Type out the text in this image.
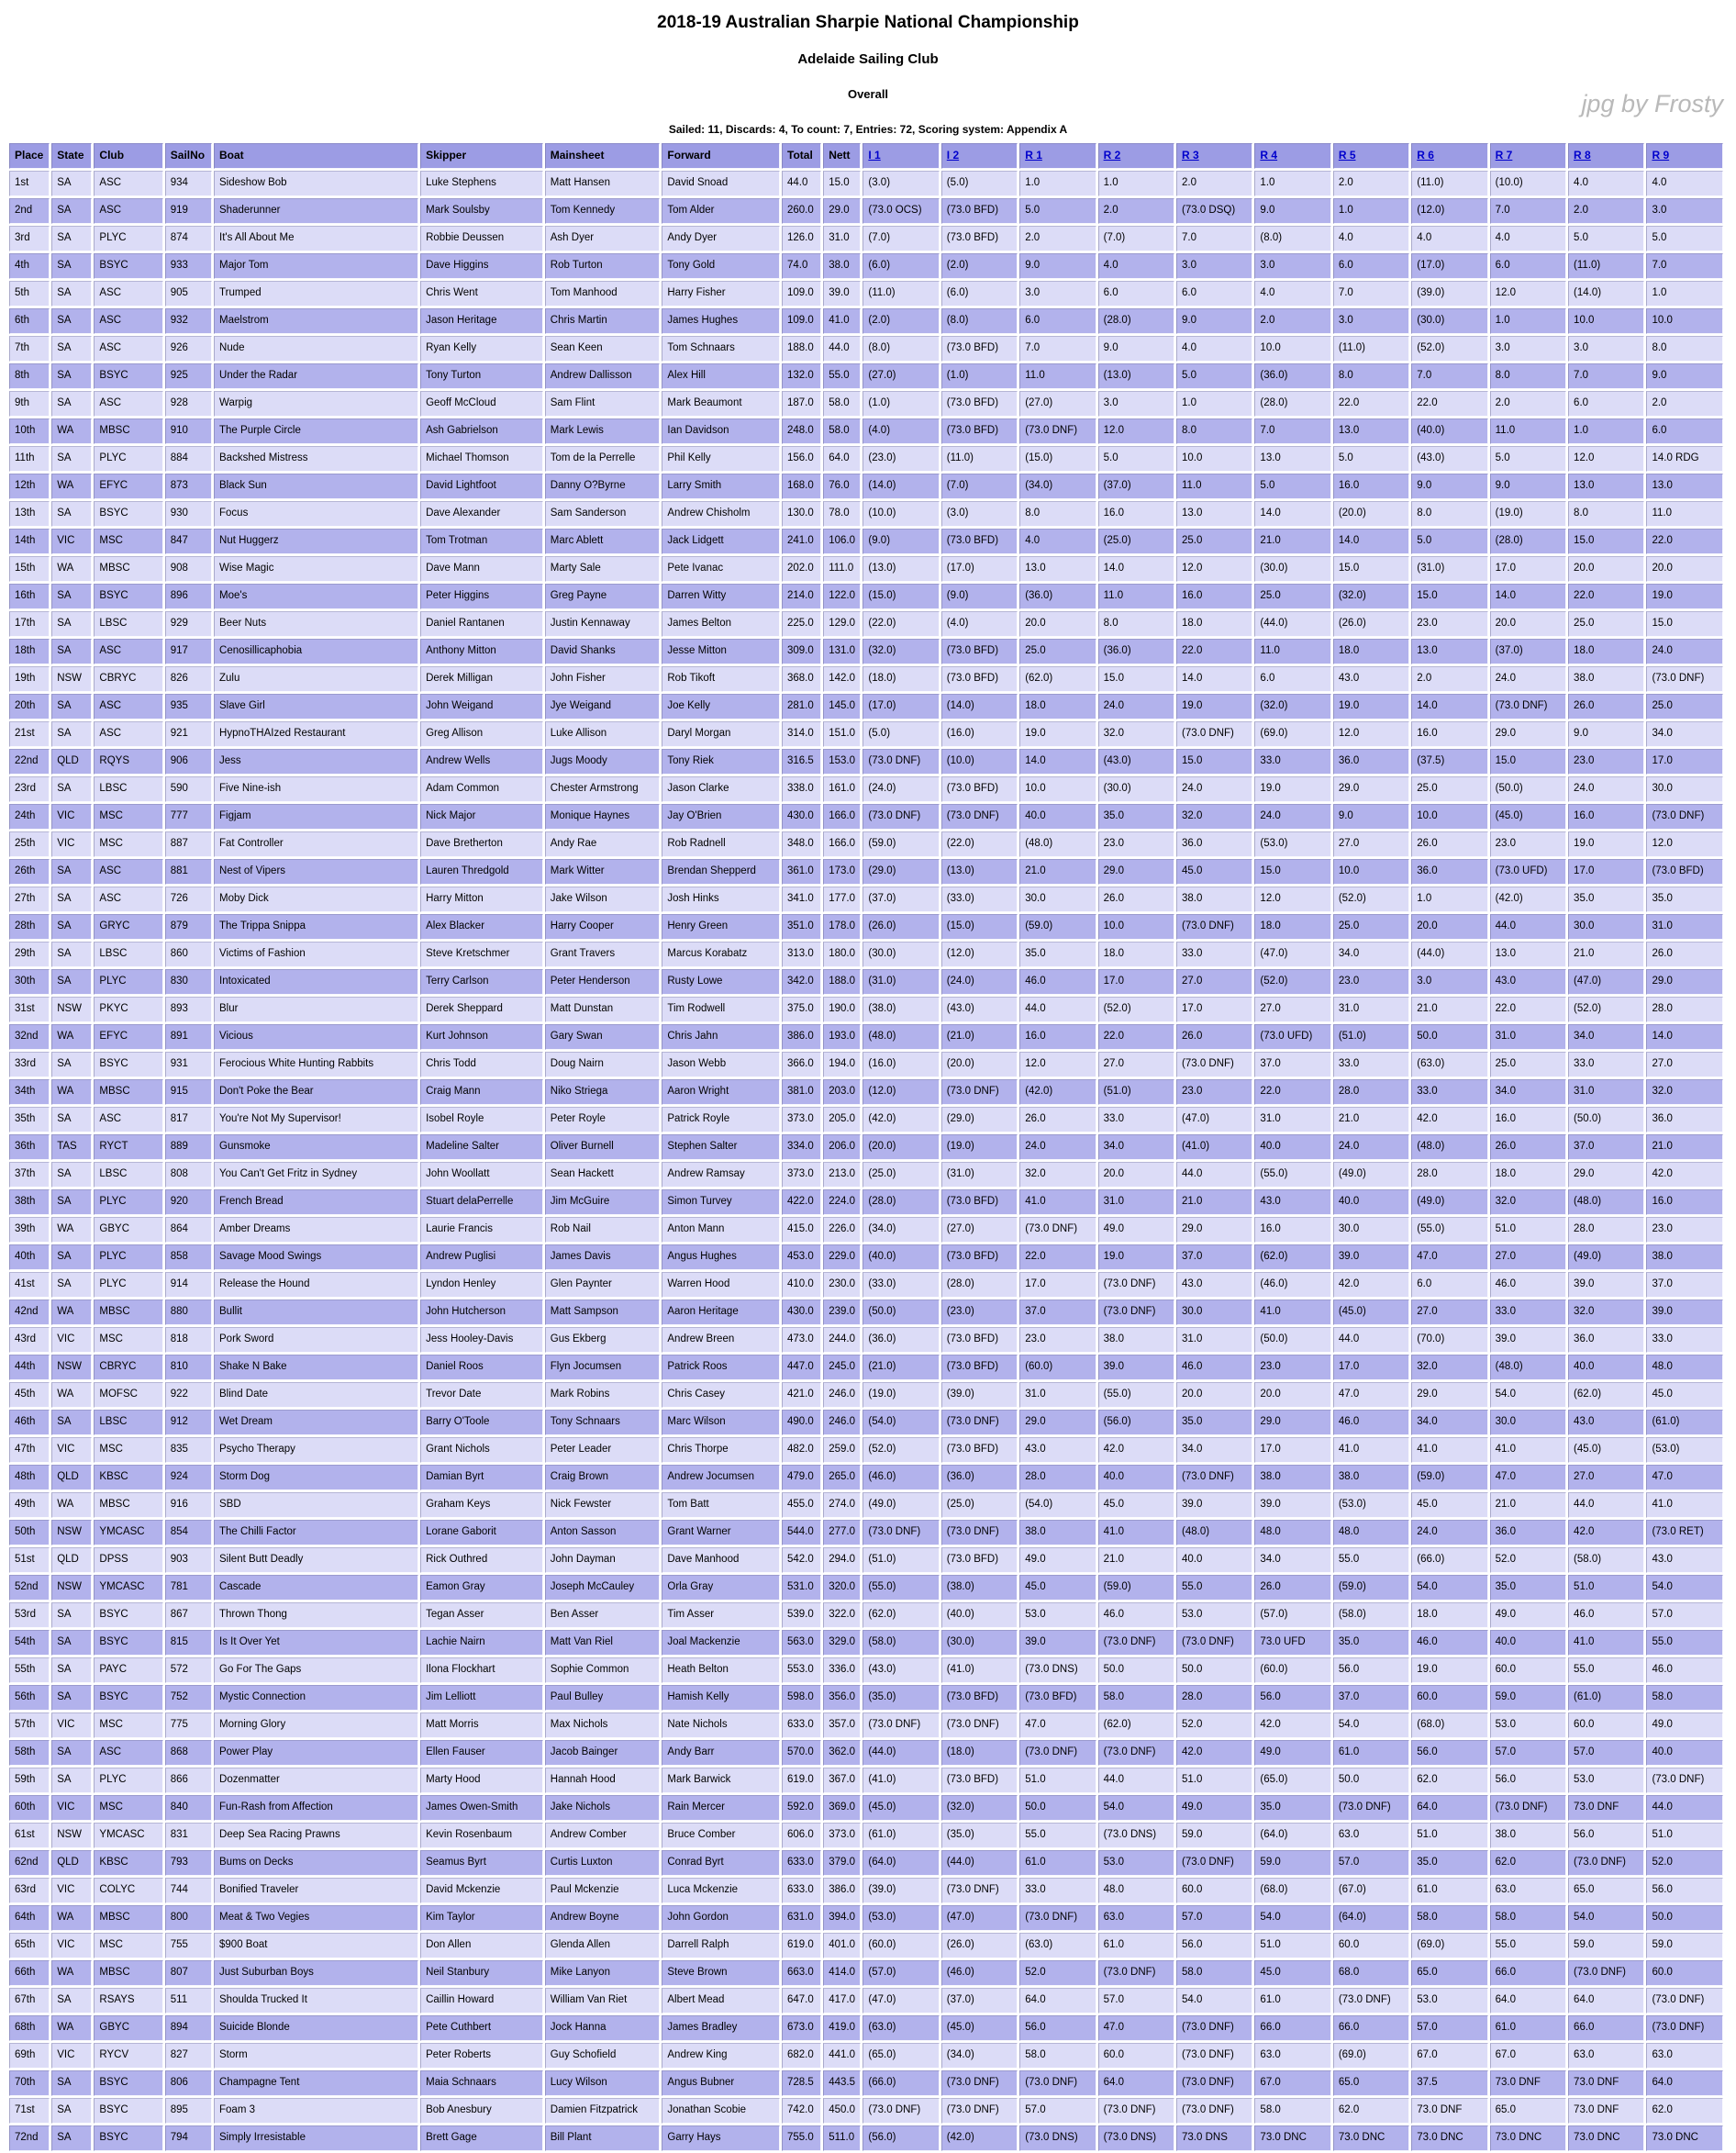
2018-19 Australian Sharpie National Championship
Adelaide Sailing Club
Overall
Sailed: 11, Discards: 4, To count: 7, Entries: 72, Scoring system: Appendix A
jpg by Frosty
Place	State	Club	SailNo	Boat	Skipper	Mainsheet	Forward	Total	Nett	I 1	I 2	R 1	R 2	R 3	R 4	R 5	R 6	R 7	R 8	R 9
1st	SA	ASC	934	Sideshow Bob	Luke Stephens	Matt Hansen	David Snoad	44.0	15.0	(3.0)	(5.0)	1.0	1.0	2.0	1.0	2.0	(11.0)	(10.0)	4.0	4.0
2nd	SA	ASC	919	Shaderunner	Mark Soulsby	Tom Kennedy	Tom Alder	260.0	29.0	(73.0 OCS)	(73.0 BFD)	5.0	2.0	(73.0 DSQ)	9.0	1.0	(12.0)	7.0	2.0	3.0
3rd	SA	PLYC	874	It's All About Me	Robbie Deussen	Ash Dyer	Andy Dyer	126.0	31.0	(7.0)	(73.0 BFD)	2.0	(7.0)	7.0	(8.0)	4.0	4.0	4.0	5.0	5.0
4th	SA	BSYC	933	Major Tom	Dave Higgins	Rob Turton	Tony Gold	74.0	38.0	(6.0)	(2.0)	9.0	4.0	3.0	3.0	6.0	(17.0)	6.0	(11.0)	7.0
5th	SA	ASC	905	Trumped	Chris Went	Tom Manhood	Harry Fisher	109.0	39.0	(11.0)	(6.0)	3.0	6.0	6.0	4.0	7.0	(39.0)	12.0	(14.0)	1.0
6th	SA	ASC	932	Maelstrom	Jason Heritage	Chris Martin	James Hughes	109.0	41.0	(2.0)	(8.0)	6.0	(28.0)	9.0	2.0	3.0	(30.0)	1.0	10.0	10.0
7th	SA	ASC	926	Nude	Ryan Kelly	Sean Keen	Tom Schnaars	188.0	44.0	(8.0)	(73.0 BFD)	7.0	9.0	4.0	10.0	(11.0)	(52.0)	3.0	3.0	8.0
8th	SA	BSYC	925	Under the Radar	Tony Turton	Andrew Dallisson	Alex Hill	132.0	55.0	(27.0)	(1.0)	11.0	(13.0)	5.0	(36.0)	8.0	7.0	8.0	7.0	9.0
9th	SA	ASC	928	Warpig	Geoff McCloud	Sam Flint	Mark Beaumont	187.0	58.0	(1.0)	(73.0 BFD)	(27.0)	3.0	1.0	(28.0)	22.0	22.0	2.0	6.0	2.0
10th	WA	MBSC	910	The Purple Circle	Ash Gabrielson	Mark Lewis	Ian Davidson	248.0	58.0	(4.0)	(73.0 BFD)	(73.0 DNF)	12.0	8.0	7.0	13.0	(40.0)	11.0	1.0	6.0
11th	SA	PLYC	884	Backshed Mistress	Michael Thomson	Tom de la Perrelle	Phil Kelly	156.0	64.0	(23.0)	(11.0)	(15.0)	5.0	10.0	13.0	5.0	(43.0)	5.0	12.0	14.0 RDG
12th	WA	EFYC	873	Black Sun	David Lightfoot	Danny O?Byrne	Larry Smith	168.0	76.0	(14.0)	(7.0)	(34.0)	(37.0)	11.0	5.0	16.0	9.0	9.0	13.0	13.0
13th	SA	BSYC	930	Focus	Dave Alexander	Sam Sanderson	Andrew Chisholm	130.0	78.0	(10.0)	(3.0)	8.0	16.0	13.0	14.0	(20.0)	8.0	(19.0)	8.0	11.0
14th	VIC	MSC	847	Nut Huggerz	Tom Trotman	Marc Ablett	Jack Lidgett	241.0	106.0	(9.0)	(73.0 BFD)	4.0	(25.0)	25.0	21.0	14.0	5.0	(28.0)	15.0	22.0
15th	WA	MBSC	908	Wise Magic	Dave Mann	Marty Sale	Pete Ivanac	202.0	111.0	(13.0)	(17.0)	13.0	14.0	12.0	(30.0)	15.0	(31.0)	17.0	20.0	20.0
16th	SA	BSYC	896	Moe's	Peter Higgins	Greg Payne	Darren Witty	214.0	122.0	(15.0)	(9.0)	(36.0)	11.0	16.0	25.0	(32.0)	15.0	14.0	22.0	19.0
17th	SA	LBSC	929	Beer Nuts	Daniel Rantanen	Justin Kennaway	James Belton	225.0	129.0	(22.0)	(4.0)	20.0	8.0	18.0	(44.0)	(26.0)	23.0	20.0	25.0	15.0
18th	SA	ASC	917	Cenosillicaphobia	Anthony Mitton	David Shanks	Jesse Mitton	309.0	131.0	(32.0)	(73.0 BFD)	25.0	(36.0)	22.0	11.0	18.0	13.0	(37.0)	18.0	24.0
19th	NSW	CBRYC	826	Zulu	Derek Milligan	John Fisher	Rob Tikoft	368.0	142.0	(18.0)	(73.0 BFD)	(62.0)	15.0	14.0	6.0	43.0	2.0	24.0	38.0	(73.0 DNF)
20th	SA	ASC	935	Slave Girl	John Weigand	Jye Weigand	Joe Kelly	281.0	145.0	(17.0)	(14.0)	18.0	24.0	19.0	(32.0)	19.0	14.0	(73.0 DNF)	26.0	25.0
21st	SA	ASC	921	HypnoTHAIzed Restaurant	Greg Allison	Luke Allison	Daryl Morgan	314.0	151.0	(5.0)	(16.0)	19.0	32.0	(73.0 DNF)	(69.0)	12.0	16.0	29.0	9.0	34.0
22nd	QLD	RQYS	906	Jess	Andrew Wells	Jugs Moody	Tony Riek	316.5	153.0	(73.0 DNF)	(10.0)	14.0	(43.0)	15.0	33.0	36.0	(37.5)	15.0	23.0	17.0
23rd	SA	LBSC	590	Five Nine-ish	Adam Common	Chester Armstrong	Jason Clarke	338.0	161.0	(24.0)	(73.0 BFD)	10.0	(30.0)	24.0	19.0	29.0	25.0	(50.0)	24.0	30.0
24th	VIC	MSC	777	Figjam	Nick Major	Monique Haynes	Jay O'Brien	430.0	166.0	(73.0 DNF)	(73.0 DNF)	40.0	35.0	32.0	24.0	9.0	10.0	(45.0)	16.0	(73.0 DNF)
25th	VIC	MSC	887	Fat Controller	Dave Bretherton	Andy Rae	Rob Radnell	348.0	166.0	(59.0)	(22.0)	(48.0)	23.0	36.0	(53.0)	27.0	26.0	23.0	19.0	12.0
26th	SA	ASC	881	Nest of Vipers	Lauren Thredgold	Mark Witter	Brendan Shepperd	361.0	173.0	(29.0)	(13.0)	21.0	29.0	45.0	15.0	10.0	36.0	(73.0 UFD)	17.0	(73.0 BFD)
27th	SA	ASC	726	Moby Dick	Harry Mitton	Jake Wilson	Josh Hinks	341.0	177.0	(37.0)	(33.0)	30.0	26.0	38.0	12.0	(52.0)	1.0	(42.0)	35.0	35.0
28th	SA	GRYC	879	The Trippa Snippa	Alex Blacker	Harry Cooper	Henry Green	351.0	178.0	(26.0)	(15.0)	(59.0)	10.0	(73.0 DNF)	18.0	25.0	20.0	44.0	30.0	31.0
29th	SA	LBSC	860	Victims of Fashion	Steve Kretschmer	Grant Travers	Marcus Korabatz	313.0	180.0	(30.0)	(12.0)	35.0	18.0	33.0	(47.0)	34.0	(44.0)	13.0	21.0	26.0
30th	SA	PLYC	830	Intoxicated	Terry Carlson	Peter Henderson	Rusty Lowe	342.0	188.0	(31.0)	(24.0)	46.0	17.0	27.0	(52.0)	23.0	3.0	43.0	(47.0)	29.0
31st	NSW	PKYC	893	Blur	Derek Sheppard	Matt Dunstan	Tim Rodwell	375.0	190.0	(38.0)	(43.0)	44.0	(52.0)	17.0	27.0	31.0	21.0	22.0	(52.0)	28.0
32nd	WA	EFYC	891	Vicious	Kurt Johnson	Gary Swan	Chris Jahn	386.0	193.0	(48.0)	(21.0)	16.0	22.0	26.0	(73.0 UFD)	(51.0)	50.0	31.0	34.0	14.0
33rd	SA	BSYC	931	Ferocious White Hunting Rabbits	Chris Todd	Doug Nairn	Jason Webb	366.0	194.0	(16.0)	(20.0)	12.0	27.0	(73.0 DNF)	37.0	33.0	(63.0)	25.0	33.0	27.0
34th	WA	MBSC	915	Don't Poke the Bear	Craig Mann	Niko Striega	Aaron Wright	381.0	203.0	(12.0)	(73.0 DNF)	(42.0)	(51.0)	23.0	22.0	28.0	33.0	34.0	31.0	32.0
35th	SA	ASC	817	You're Not My Supervisor!	Isobel Royle	Peter Royle	Patrick Royle	373.0	205.0	(42.0)	(29.0)	26.0	33.0	(47.0)	31.0	21.0	42.0	16.0	(50.0)	36.0
36th	TAS	RYCT	889	Gunsmoke	Madeline Salter	Oliver Burnell	Stephen Salter	334.0	206.0	(20.0)	(19.0)	24.0	34.0	(41.0)	40.0	24.0	(48.0)	26.0	37.0	21.0
37th	SA	LBSC	808	You Can't Get Fritz in Sydney	John Woollatt	Sean Hackett	Andrew Ramsay	373.0	213.0	(25.0)	(31.0)	32.0	20.0	44.0	(55.0)	(49.0)	28.0	18.0	29.0	42.0
38th	SA	PLYC	920	French Bread	Stuart delaPerrelle	Jim McGuire	Simon Turvey	422.0	224.0	(28.0)	(73.0 BFD)	41.0	31.0	21.0	43.0	40.0	(49.0)	32.0	(48.0)	16.0
39th	WA	GBYC	864	Amber Dreams	Laurie Francis	Rob Nail	Anton Mann	415.0	226.0	(34.0)	(27.0)	(73.0 DNF)	49.0	29.0	16.0	30.0	(55.0)	51.0	28.0	23.0
40th	SA	PLYC	858	Savage Mood Swings	Andrew Puglisi	James Davis	Angus Hughes	453.0	229.0	(40.0)	(73.0 BFD)	22.0	19.0	37.0	(62.0)	39.0	47.0	27.0	(49.0)	38.0
41st	SA	PLYC	914	Release the Hound	Lyndon Henley	Glen Paynter	Warren Hood	410.0	230.0	(33.0)	(28.0)	17.0	(73.0 DNF)	43.0	(46.0)	42.0	6.0	46.0	39.0	37.0
42nd	WA	MBSC	880	Bullit	John Hutcherson	Matt Sampson	Aaron Heritage	430.0	239.0	(50.0)	(23.0)	37.0	(73.0 DNF)	30.0	41.0	(45.0)	27.0	33.0	32.0	39.0
43rd	VIC	MSC	818	Pork Sword	Jess Hooley-Davis	Gus Ekberg	Andrew Breen	473.0	244.0	(36.0)	(73.0 BFD)	23.0	38.0	31.0	(50.0)	44.0	(70.0)	39.0	36.0	33.0
44th	NSW	CBRYC	810	Shake N Bake	Daniel Roos	Flyn Jocumsen	Patrick Roos	447.0	245.0	(21.0)	(73.0 BFD)	(60.0)	39.0	46.0	23.0	17.0	32.0	(48.0)	40.0	48.0
45th	WA	MOFSC	922	Blind Date	Trevor Date	Mark Robins	Chris Casey	421.0	246.0	(19.0)	(39.0)	31.0	(55.0)	20.0	20.0	47.0	29.0	54.0	(62.0)	45.0
46th	SA	LBSC	912	Wet Dream	Barry O'Toole	Tony Schnaars	Marc Wilson	490.0	246.0	(54.0)	(73.0 DNF)	29.0	(56.0)	35.0	29.0	46.0	34.0	30.0	43.0	(61.0)
47th	VIC	MSC	835	Psycho Therapy	Grant Nichols	Peter Leader	Chris Thorpe	482.0	259.0	(52.0)	(73.0 BFD)	43.0	42.0	34.0	17.0	41.0	41.0	41.0	(45.0)	(53.0)
48th	QLD	KBSC	924	Storm Dog	Damian Byrt	Craig Brown	Andrew Jocumsen	479.0	265.0	(46.0)	(36.0)	28.0	40.0	(73.0 DNF)	38.0	38.0	(59.0)	47.0	27.0	47.0
49th	WA	MBSC	916	SBD	Graham Keys	Nick Fewster	Tom Batt	455.0	274.0	(49.0)	(25.0)	(54.0)	45.0	39.0	39.0	(53.0)	45.0	21.0	44.0	41.0
50th	NSW	YMCASC	854	The Chilli Factor	Lorane Gaborit	Anton Sasson	Grant Warner	544.0	277.0	(73.0 DNF)	(73.0 DNF)	38.0	41.0	(48.0)	48.0	48.0	24.0	36.0	42.0	(73.0 RET)
51st	QLD	DPSS	903	Silent Butt Deadly	Rick Outhred	John Dayman	Dave Manhood	542.0	294.0	(51.0)	(73.0 BFD)	49.0	21.0	40.0	34.0	55.0	(66.0)	52.0	(58.0)	43.0
52nd	NSW	YMCASC	781	Cascade	Eamon Gray	Joseph McCauley	Orla Gray	531.0	320.0	(55.0)	(38.0)	45.0	(59.0)	55.0	26.0	(59.0)	54.0	35.0	51.0	54.0
53rd	SA	BSYC	867	Thrown Thong	Tegan Asser	Ben Asser	Tim Asser	539.0	322.0	(62.0)	(40.0)	53.0	46.0	53.0	(57.0)	(58.0)	18.0	49.0	46.0	57.0
54th	SA	BSYC	815	Is It Over Yet	Lachie Nairn	Matt Van Riel	Joal Mackenzie	563.0	329.0	(58.0)	(30.0)	39.0	(73.0 DNF)	(73.0 DNF)	73.0 UFD	35.0	46.0	40.0	41.0	55.0
55th	SA	PAYC	572	Go For The Gaps	Ilona Flockhart	Sophie Common	Heath Belton	553.0	336.0	(43.0)	(41.0)	(73.0 DNS)	50.0	50.0	(60.0)	56.0	19.0	60.0	55.0	46.0
56th	SA	BSYC	752	Mystic Connection	Jim Lelliott	Paul Bulley	Hamish Kelly	598.0	356.0	(35.0)	(73.0 BFD)	(73.0 BFD)	58.0	28.0	56.0	37.0	60.0	59.0	(61.0)	58.0
57th	VIC	MSC	775	Morning Glory	Matt Morris	Max Nichols	Nate Nichols	633.0	357.0	(73.0 DNF)	(73.0 DNF)	47.0	(62.0)	52.0	42.0	54.0	(68.0)	53.0	60.0	49.0
58th	SA	ASC	868	Power Play	Ellen Fauser	Jacob Bainger	Andy Barr	570.0	362.0	(44.0)	(18.0)	(73.0 DNF)	(73.0 DNF)	42.0	49.0	61.0	56.0	57.0	57.0	40.0
59th	SA	PLYC	866	Dozenmatter	Marty Hood	Hannah Hood	Mark Barwick	619.0	367.0	(41.0)	(73.0 BFD)	51.0	44.0	51.0	(65.0)	50.0	62.0	56.0	53.0	(73.0 DNF)
60th	VIC	MSC	840	Fun-Rash from Affection	James Owen-Smith	Jake Nichols	Rain Mercer	592.0	369.0	(45.0)	(32.0)	50.0	54.0	49.0	35.0	(73.0 DNF)	64.0	(73.0 DNF)	73.0 DNF	44.0
61st	NSW	YMCASC	831	Deep Sea Racing Prawns	Kevin Rosenbaum	Andrew Comber	Bruce Comber	606.0	373.0	(61.0)	(35.0)	55.0	(73.0 DNS)	59.0	(64.0)	63.0	51.0	38.0	56.0	51.0
62nd	QLD	KBSC	793	Bums on Decks	Seamus Byrt	Curtis Luxton	Conrad Byrt	633.0	379.0	(64.0)	(44.0)	61.0	53.0	(73.0 DNF)	59.0	57.0	35.0	62.0	(73.0 DNF)	52.0
63rd	VIC	COLYC	744	Bonified Traveler	David Mckenzie	Paul Mckenzie	Luca Mckenzie	633.0	386.0	(39.0)	(73.0 DNF)	33.0	48.0	60.0	(68.0)	(67.0)	61.0	63.0	65.0	56.0
64th	WA	MBSC	800	Meat & Two Vegies	Kim Taylor	Andrew Boyne	John Gordon	631.0	394.0	(53.0)	(47.0)	(73.0 DNF)	63.0	57.0	54.0	(64.0)	58.0	58.0	54.0	50.0
65th	VIC	MSC	755	$900 Boat	Don Allen	Glenda Allen	Darrell Ralph	619.0	401.0	(60.0)	(26.0)	(63.0)	61.0	56.0	51.0	60.0	(69.0)	55.0	59.0	59.0
66th	WA	MBSC	807	Just Suburban Boys	Neil Stanbury	Mike Lanyon	Steve Brown	663.0	414.0	(57.0)	(46.0)	52.0	(73.0 DNF)	58.0	45.0	68.0	65.0	66.0	(73.0 DNF)	60.0
67th	SA	RSAYS	511	Shoulda Trucked It	Caillin Howard	William Van Riet	Albert Mead	647.0	417.0	(47.0)	(37.0)	64.0	57.0	54.0	61.0	(73.0 DNF)	53.0	64.0	64.0	(73.0 DNF)
68th	WA	GBYC	894	Suicide Blonde	Pete Cuthbert	Jock Hanna	James Bradley	673.0	419.0	(63.0)	(45.0)	56.0	47.0	(73.0 DNF)	66.0	66.0	57.0	61.0	66.0	(73.0 DNF)
69th	VIC	RYCV	827	Storm	Peter Roberts	Guy Schofield	Andrew King	682.0	441.0	(65.0)	(34.0)	58.0	60.0	(73.0 DNF)	63.0	(69.0)	67.0	67.0	63.0	63.0
70th	SA	BSYC	806	Champagne Tent	Maia Schnaars	Lucy Wilson	Angus Bubner	728.5	443.5	(66.0)	(73.0 DNF)	(73.0 DNF)	64.0	(73.0 DNF)	67.0	65.0	37.5	73.0 DNF	73.0 DNF	64.0
71st	SA	BSYC	895	Foam 3	Bob Anesbury	Damien Fitzpatrick	Jonathan Scobie	742.0	450.0	(73.0 DNF)	(73.0 DNF)	57.0	(73.0 DNF)	(73.0 DNF)	58.0	62.0	73.0 DNF	65.0	73.0 DNF	62.0
72nd	SA	BSYC	794	Simply Irresistable	Brett Gage	Bill Plant	Garry Hays	755.0	511.0	(56.0)	(42.0)	(73.0 DNS)	(73.0 DNS)	73.0 DNS	73.0 DNC	73.0 DNC	73.0 DNC	73.0 DNC	73.0 DNC	73.0 DNC
